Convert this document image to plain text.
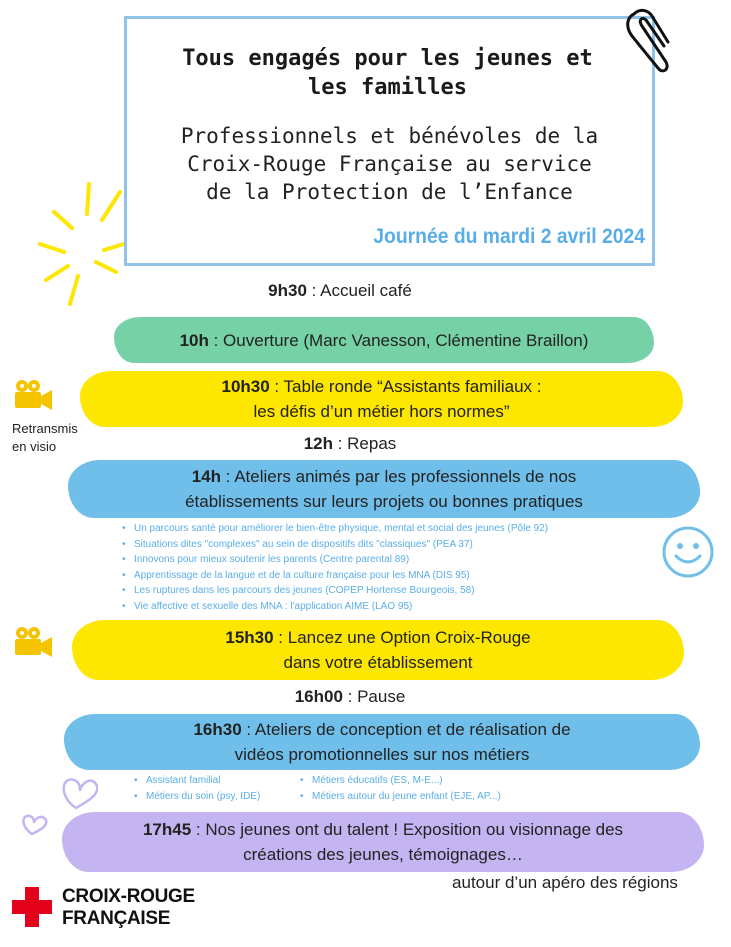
Tous engagés pour les jeunes et
les familles
Professionnels et bénévoles de la
Croix-Rouge Française au service
de la Protection de l’Enfance
Journée du mardi 2 avril 2024
9h30 : Accueil café
10h : Ouverture (Marc Vanesson, Clémentine Braillon)
10h30 : Table ronde “Assistants familiaux :
les défis d’un métier hors normes”
Retransmis
en visio	12h : Repas
14h : Ateliers animés par les professionnels de nos
établissements sur leurs projets ou bonnes pratiques
• Un parcours santé pour améliorer le bien-être physique, mental et social des jeunes (Pôle 92)
• Situations dites "complexes" au sein de dispositifs dits "classiques" (PEA 37)
• Innovons pour mieux soutenir les parents (Centre parental 89)
• Apprentissage de la langue et de la culture française pour les MNA (DIS 95)
• Les ruptures dans les parcours des jeunes (COPEP Hortense Bourgeois, 58)
• Vie affective et sexuelle des MNA : l'application AIME (LAO 95)
15h30 : Lancez une Option Croix-Rouge
dans votre établissement
16h00 : Pause
16h30 : Ateliers de conception et de réalisation de
vidéos promotionnelles sur nos métiers
• Assistant familial
• Métiers du soin (psy, IDE)
• Métiers éducatifs (ES, M-E...)
• Métiers autour du jeune enfant (EJE, AP...)
17h45 : Nos jeunes ont du talent ! Exposition ou visionnage des
créations des jeunes, témoignages…
autour d’un apéro des régions
CROIX-ROUGE
FRANÇAISE
